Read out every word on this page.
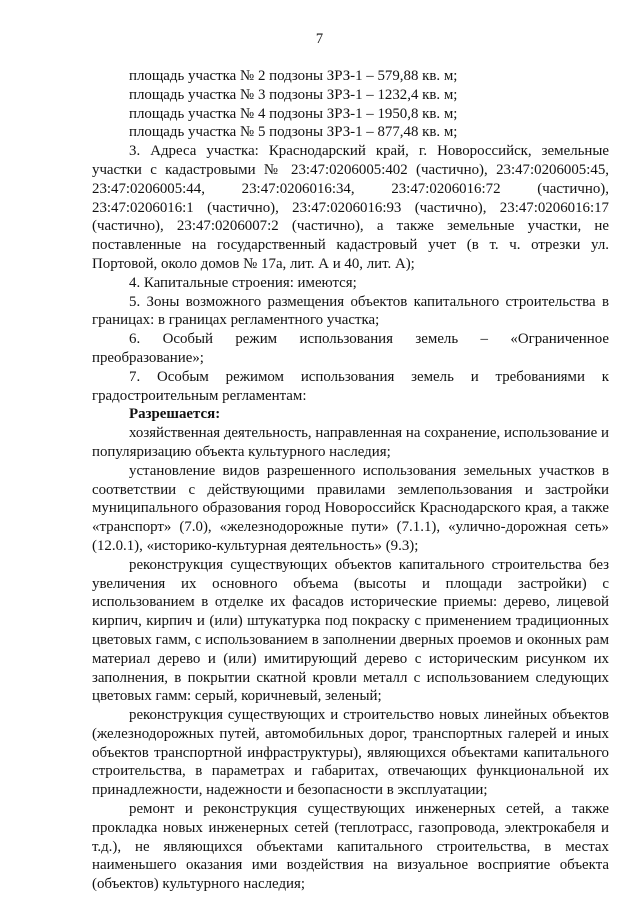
7

площадь участка № 2 подзоны ЗРЗ-1 – 579,88 кв. м;

площадь участка № 3 подзоны ЗРЗ-1 – 1232,4 кв. м;

площадь участка № 4 подзоны ЗРЗ-1 – 1950,8 кв. м;

площадь участка № 5 подзоны ЗРЗ-1 – 877,48 кв. м;

3. Адреса участка: Краснодарский край, г. Новороссийск, земельные участки с кадастровыми № 23:47:0206005:402 (частично), 23:47:0206005:45, 23:47:0206005:44, 23:47:0206016:34, 23:47:0206016:72 (частично), 23:47:0206016:1 (частично), 23:47:0206016:93 (частично), 23:47:0206016:17 (частично), 23:47:0206007:2 (частично), а также земельные участки, не поставленные на государственный кадастровый учет (в т. ч. отрезки ул. Портовой, около домов № 17а, лит. А и 40, лит. А);

4. Капитальные строения: имеются;

5. Зоны возможного размещения объектов капитального строительства в границах: в границах регламентного участка;

6. Особый режим использования земель – «Ограниченное преобразование»;

7. Особым режимом использования земель и требованиями к градостроительным регламентам:

Разрешается:

хозяйственная деятельность, направленная на сохранение, использование и популяризацию объекта культурного наследия;

установление видов разрешенного использования земельных участков в соответствии с действующими правилами землепользования и застройки муниципального образования город Новороссийск Краснодарского края, а также «транспорт» (7.0), «железнодорожные пути» (7.1.1), «улично-дорожная сеть» (12.0.1), «историко-культурная деятельность» (9.3);

реконструкция существующих объектов капитального строительства без увеличения их основного объема (высоты и площади застройки) с использованием в отделке их фасадов исторические приемы: дерево, лицевой кирпич, кирпич и (или) штукатурка под покраску с применением традиционных цветовых гамм, с использованием в заполнении дверных проемов и оконных рам материал дерево и (или) имитирующий дерево с историческим рисунком их заполнения, в покрытии скатной кровли металл с использованием следующих цветовых гамм: серый, коричневый, зеленый;

реконструкция существующих и строительство новых линейных объектов (железнодорожных путей, автомобильных дорог, транспортных галерей и иных объектов транспортной инфраструктуры), являющихся объектами капитального строительства, в параметрах и габаритах, отвечающих функциональной их принадлежности, надежности и безопасности в эксплуатации;

ремонт и реконструкция существующих инженерных сетей, а также прокладка новых инженерных сетей (теплотрасс, газопровода, электрокабеля и т.д.), не являющихся объектами капитального строительства, в местах наименьшего оказания ими воздействия на визуальное восприятие объекта (объектов) культурного наследия;
